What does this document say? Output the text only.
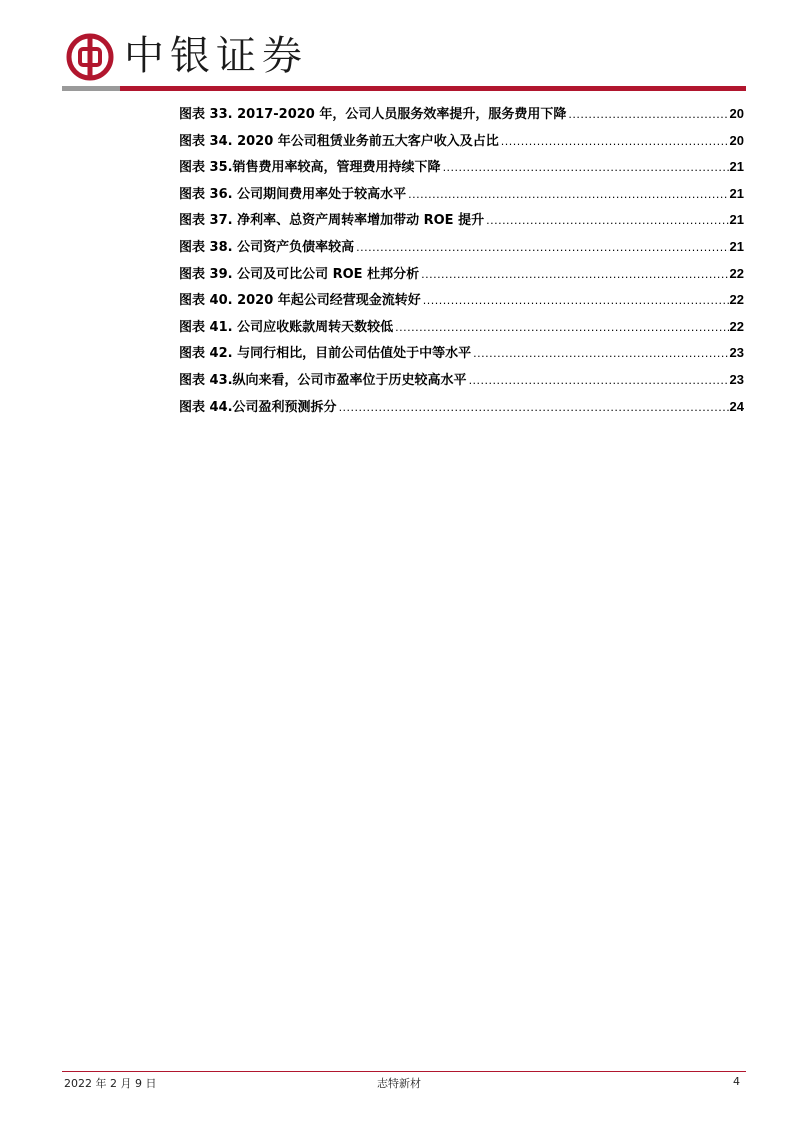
中银证券
图表 33. 2017-2020 年，公司人员服务效率提升，服务费用下降 .....	20
图表 34. 2020 年公司租赁业务前五大客户收入及占比 .....	20
图表 35.销售费用率较高，管理费用持续下降 .....	21
图表 36. 公司期间费用率处于较高水平 .....	21
图表 37. 净利率、总资产周转率增加带动 ROE 提升 .....	21
图表 38. 公司资产负债率较高 .....	21
图表 39. 公司及可比公司 ROE 杜邦分析 .....	22
图表 40. 2020 年起公司经营现金流转好 .....	22
图表 41. 公司应收账款周转天数较低 .....	22
图表 42. 与同行相比，目前公司估值处于中等水平 .....	23
图表 43.纵向来看，公司市盈率位于历史较高水平 .....	23
图表 44.公司盈利预测拆分 .....	24
2022 年 2 月 9 日	志特新材	4
